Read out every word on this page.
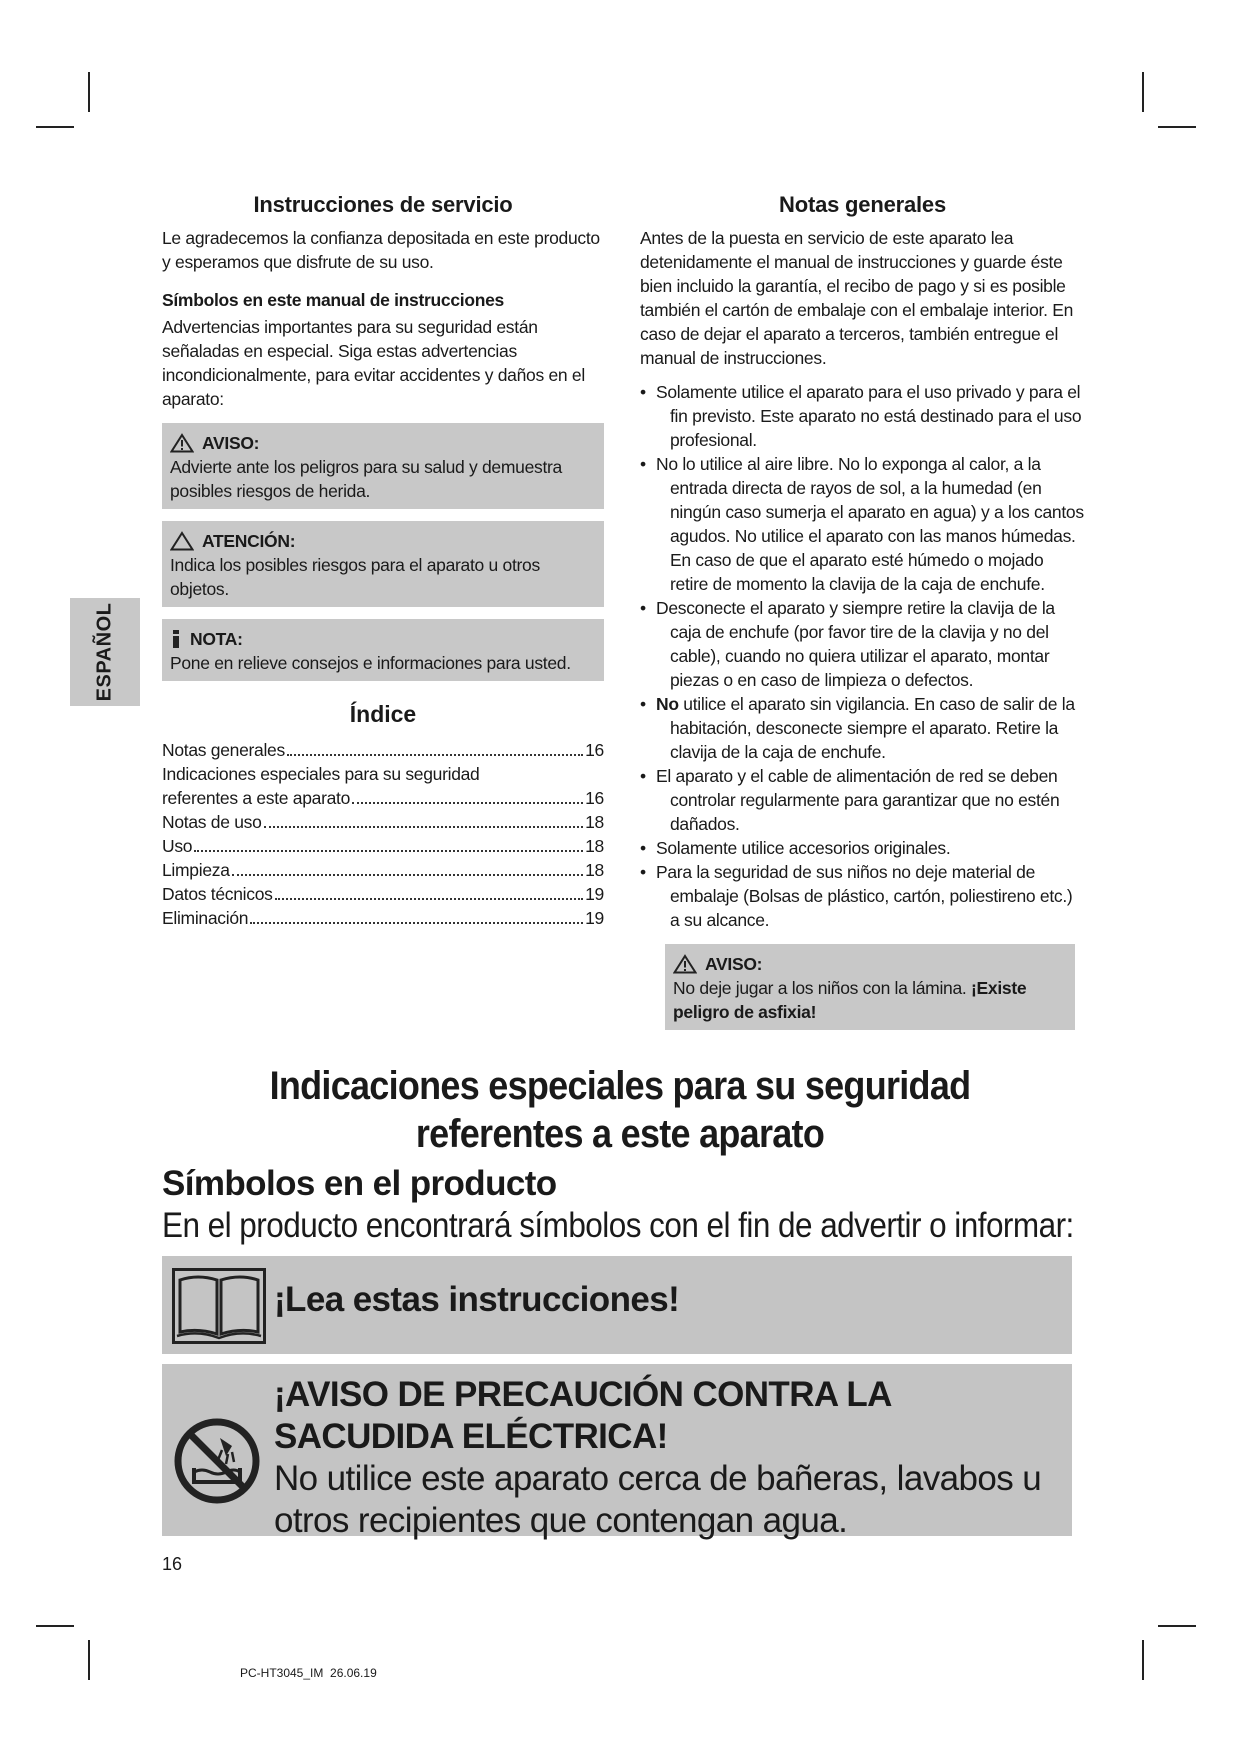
ESPAÑOL
Instrucciones de servicio

Le agradecemos la confianza depositada en este producto y esperamos que disfrute de su uso.

Símbolos en este manual de instrucciones

Advertencias importantes para su seguridad están señaladas en especial. Siga estas advertencias incondicionalmente, para evitar accidentes y daños en el aparato:

AVISO:
Advierte ante los peligros para su salud y demuestra posibles riesgos de herida.
ATENCIÓN:
Indica los posibles riesgos para el aparato u otros objetos.
NOTA:
Pone en relieve consejos e informaciones para usted.
Índice
Notas generales	16
Indicaciones especiales para su seguridad
referentes a este aparato	16
Notas de uso	18
Uso	18
Limpieza	18
Datos técnicos	19
Eliminación	19
Notas generales

Antes de la puesta en servicio de este aparato lea detenidamente el manual de instrucciones y guarde éste bien incluido la garantía, el recibo de pago y si es posible también el cartón de embalaje con el embalaje interior. En caso de dejar el aparato a terceros, también entregue el manual de instrucciones.

• Solamente utilice el aparato para el uso privado y para el fin previsto. Este aparato no está destinado para el uso profesional.
• No lo utilice al aire libre. No lo exponga al calor, a la entrada directa de rayos de sol, a la humedad (en ningún caso sumerja el aparato en agua) y a los cantos agudos. No utilice el aparato con las manos húmedas. En caso de que el aparato esté húmedo o mojado retire de momento la clavija de la caja de enchufe.
• Desconecte el aparato y siempre retire la clavija de la caja de enchufe (por favor tire de la clavija y no del cable), cuando no quiera utilizar el aparato, montar piezas o en caso de limpieza o defectos.
• No utilice el aparato sin vigilancia. En caso de salir de la habitación, desconecte siempre el aparato. Retire la clavija de la caja de enchufe.
• El aparato y el cable de alimentación de red se deben controlar regularmente para garantizar que no estén dañados.
• Solamente utilice accesorios originales.
• Para la seguridad de sus niños no deje material de embalaje (Bolsas de plástico, cartón, poliestireno etc.) a su alcance.
AVISO:
No deje jugar a los niños con la lámina. ¡Existe peligro de asfixia!
Indicaciones especiales para su seguridad
referentes a este aparato
Símbolos en el producto
En el producto encontrará símbolos con el fin de advertir o informar:
¡Lea estas instrucciones!
¡AVISO DE PRECAUCIÓN CONTRA LA SACUDIDA ELÉCTRICA!
No utilice este aparato cerca de bañeras, lavabos u otros recipientes que contengan agua.
16
PC-HT3045_IM  26.06.19
